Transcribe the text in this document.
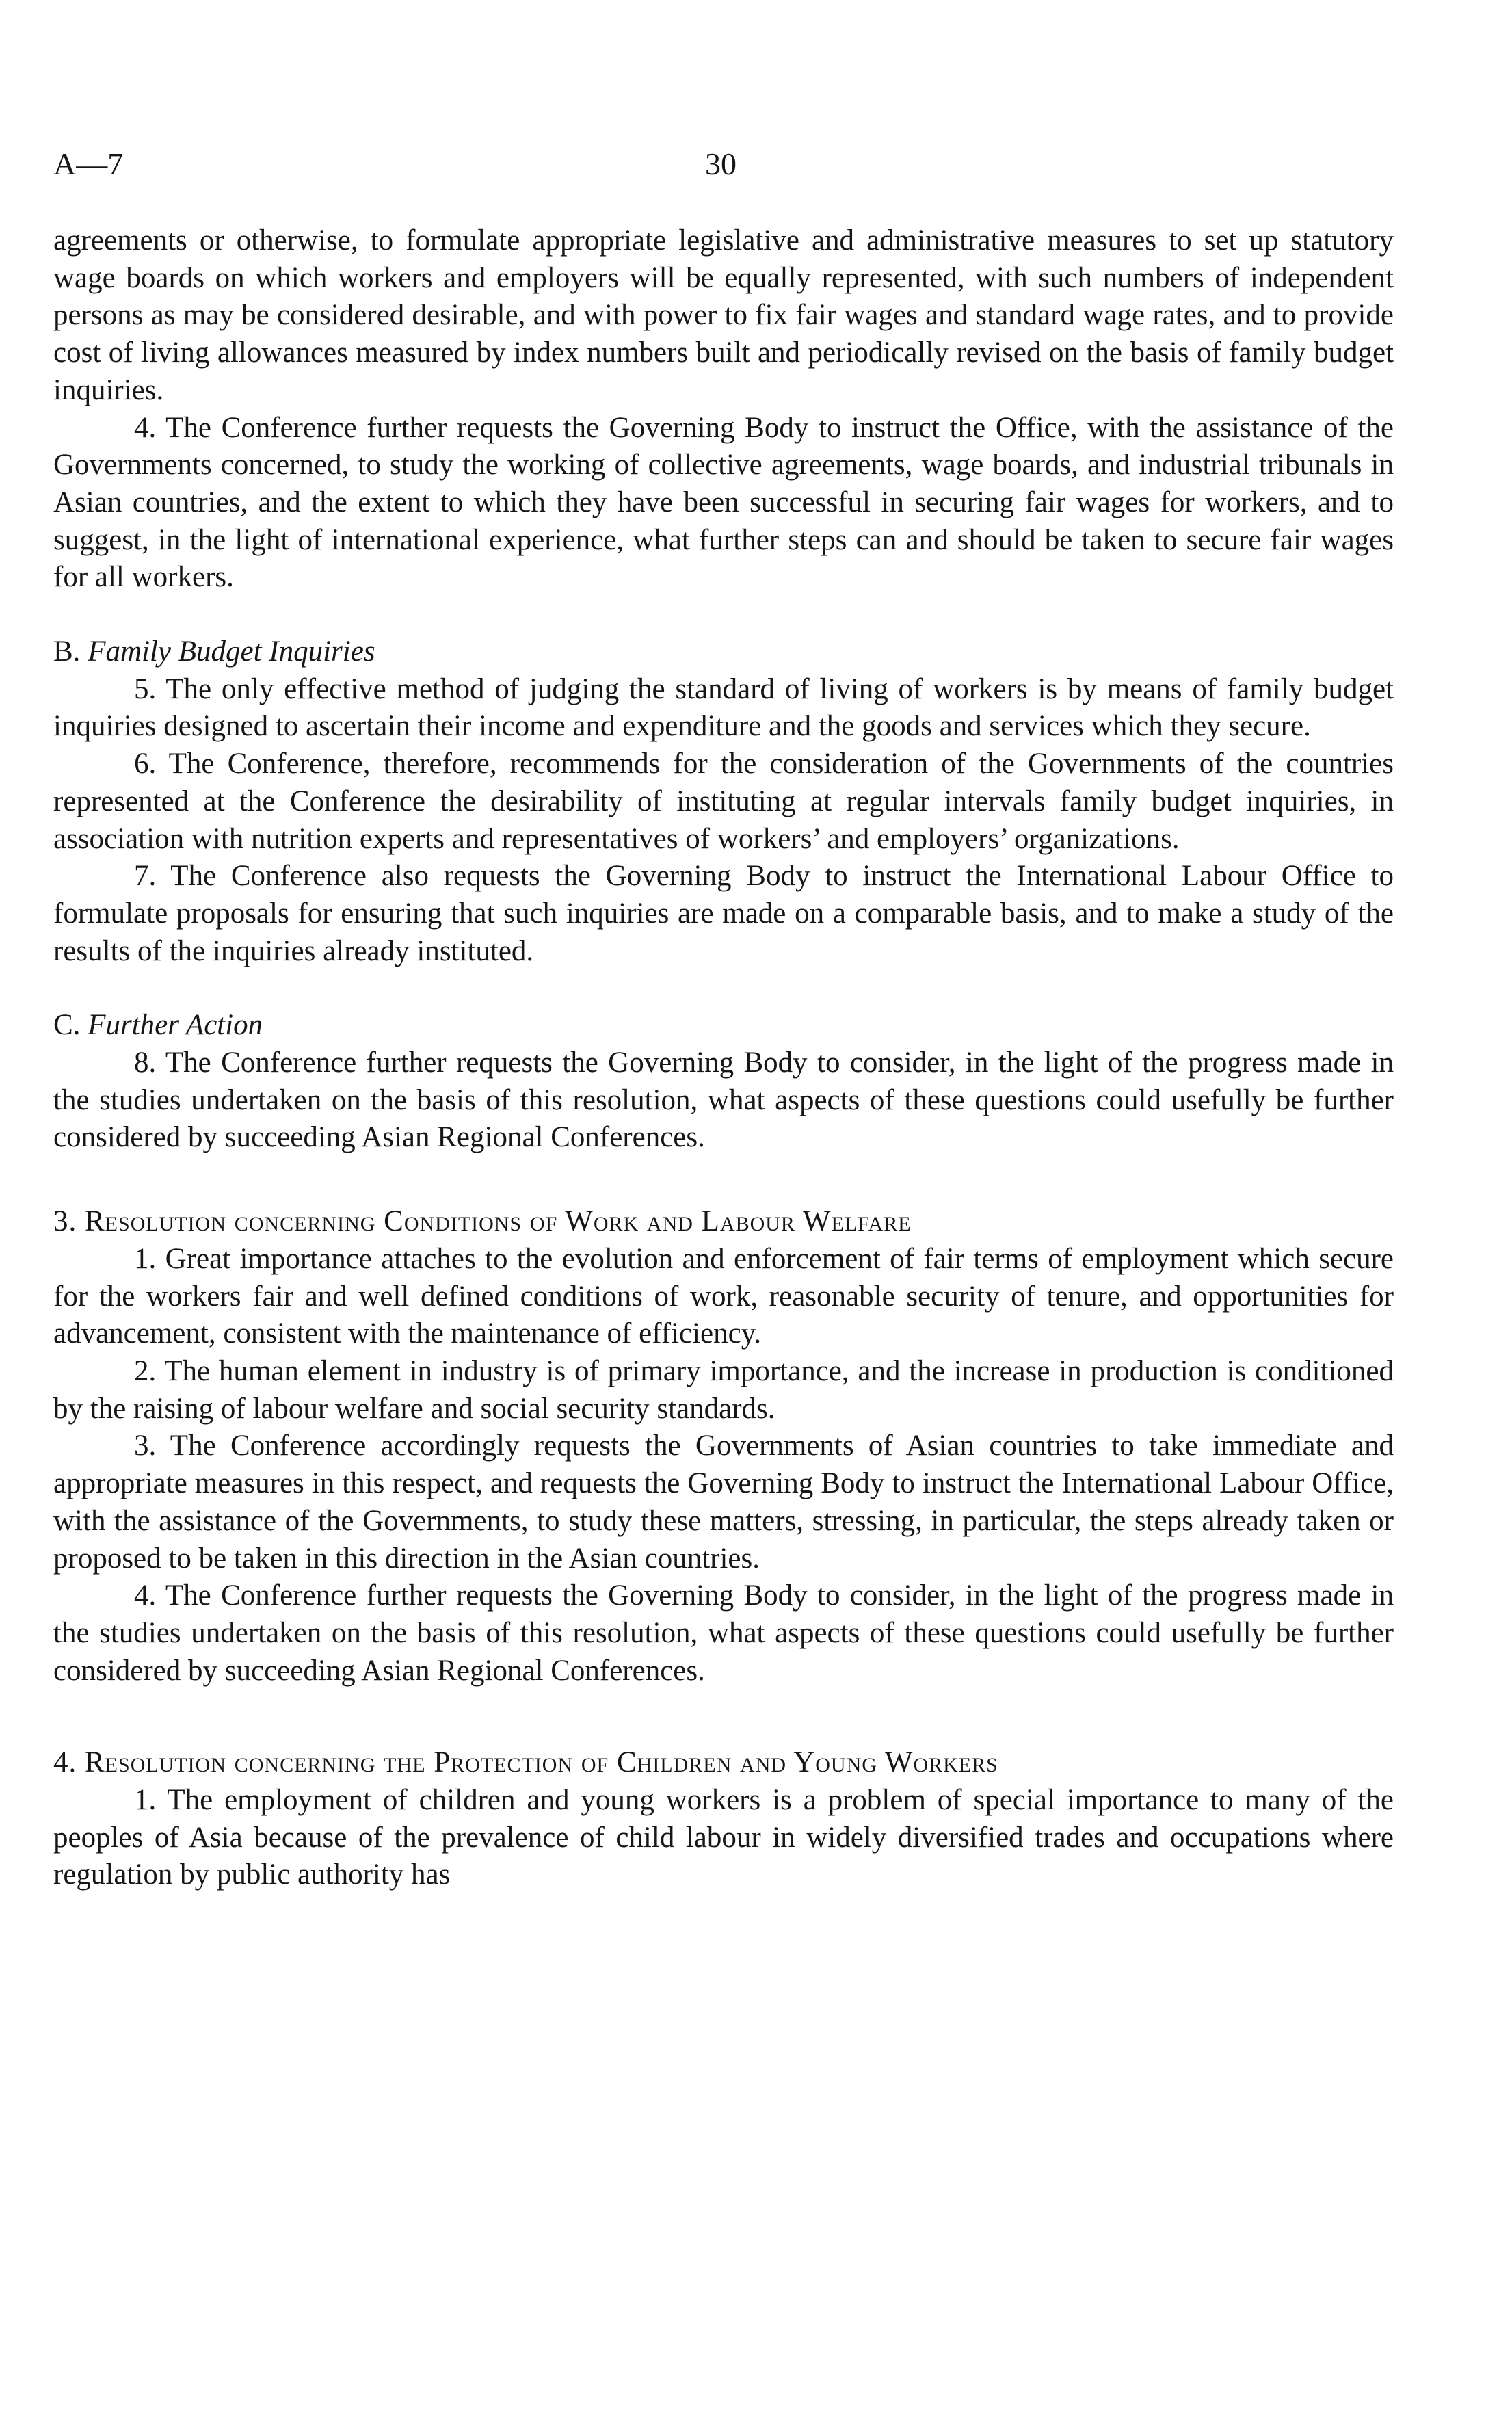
A—7	30

agreements or otherwise, to formulate appropriate legislative and administrative measures to set up statutory wage boards on which workers and employers will be equally represented, with such numbers of independent persons as may be considered desirable, and with power to fix fair wages and standard wage rates, and to provide cost of living allowances measured by index numbers built and periodically revised on the basis of family budget inquiries.

4. The Conference further requests the Governing Body to instruct the Office, with the assistance of the Governments concerned, to study the working of collective agreements, wage boards, and industrial tribunals in Asian countries, and the extent to which they have been successful in securing fair wages for workers, and to suggest, in the light of international experience, what further steps can and should be taken to secure fair wages for all workers.

B. Family Budget Inquiries

5. The only effective method of judging the standard of living of workers is by means of family budget inquiries designed to ascertain their income and expenditure and the goods and services which they secure.

6. The Conference, therefore, recommends for the consideration of the Governments of the countries represented at the Conference the desirability of instituting at regular intervals family budget inquiries, in association with nutrition experts and representatives of workers’ and employers’ organizations.

7. The Conference also requests the Governing Body to instruct the International Labour Office to formulate proposals for ensuring that such inquiries are made on a comparable basis, and to make a study of the results of the inquiries already instituted.

C. Further Action

8. The Conference further requests the Governing Body to consider, in the light of the progress made in the studies undertaken on the basis of this resolution, what aspects of these questions could usefully be further considered by succeeding Asian Regional Conferences.

3. Resolution concerning Conditions of Work and Labour Welfare

1. Great importance attaches to the evolution and enforcement of fair terms of employment which secure for the workers fair and well defined conditions of work, reasonable security of tenure, and opportunities for advancement, consistent with the maintenance of efficiency.

2. The human element in industry is of primary importance, and the increase in production is conditioned by the raising of labour welfare and social security standards.

3. The Conference accordingly requests the Governments of Asian countries to take immediate and appropriate measures in this respect, and requests the Governing Body to instruct the International Labour Office, with the assistance of the Governments, to study these matters, stressing, in particular, the steps already taken or proposed to be taken in this direction in the Asian countries.

4. The Conference further requests the Governing Body to consider, in the light of the progress made in the studies undertaken on the basis of this resolution, what aspects of these questions could usefully be further considered by succeeding Asian Regional Conferences.

4. Resolution concerning the Protection of Children and Young Workers

1. The employment of children and young workers is a problem of special importance to many of the peoples of Asia because of the prevalence of child labour in widely diversified trades and occupations where regulation by public authority has
